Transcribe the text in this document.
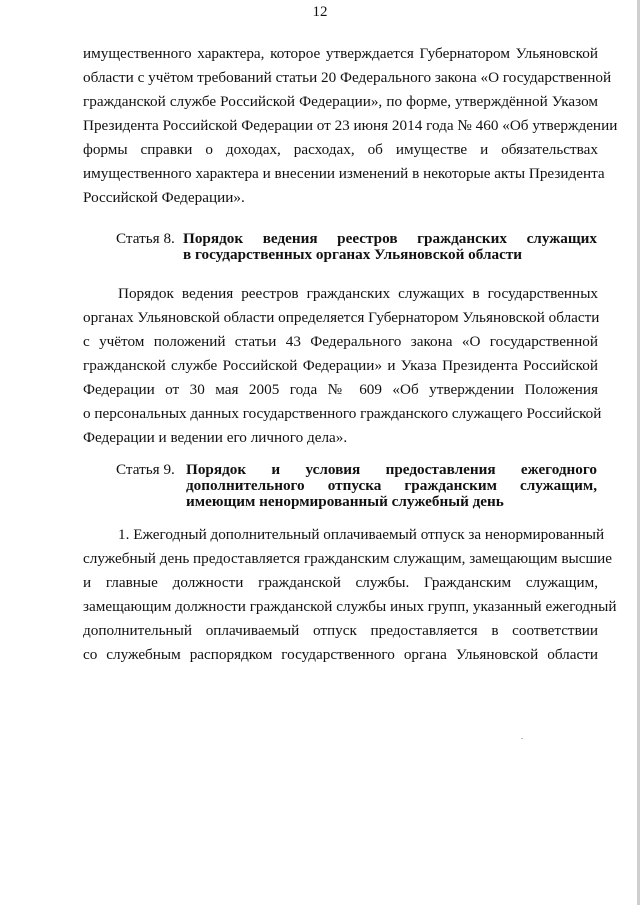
12
имущественного характера, которое утверждается Губернатором Ульяновской
области с учётом требований статьи 20 Федерального закона «О государственной
гражданской службе Российской Федерации», по форме, утверждённой Указом
Президента Российской Федерации от 23 июня 2014 года № 460 «Об утверждении
формы справки о доходах, расходах, об имуществе и обязательствах
имущественного характера и внесении изменений в некоторые акты Президента
Российской Федерации».
Статья 8. Порядок ведения реестров гражданских служащих
в государственных органах Ульяновской области
Порядок ведения реестров гражданских служащих в государственных
органах Ульяновской области определяется Губернатором Ульяновской области
с учётом положений статьи 43 Федерального закона «О государственной
гражданской службе Российской Федерации» и Указа Президента Российской
Федерации от 30 мая 2005 года № 609 «Об утверждении Положения
о персональных данных государственного гражданского служащего Российской
Федерации и ведении его личного дела».
Статья 9. Порядок и условия предоставления ежегодного
дополнительного отпуска гражданским служащим,
имеющим ненормированный служебный день
1. Ежегодный дополнительный оплачиваемый отпуск за ненормированный
служебный день предоставляется гражданским служащим, замещающим высшие
и главные должности гражданской службы. Гражданским служащим,
замещающим должности гражданской службы иных групп, указанный ежегодный
дополнительный оплачиваемый отпуск предоставляется в соответствии
со служебным распорядком государственного органа Ульяновской области
